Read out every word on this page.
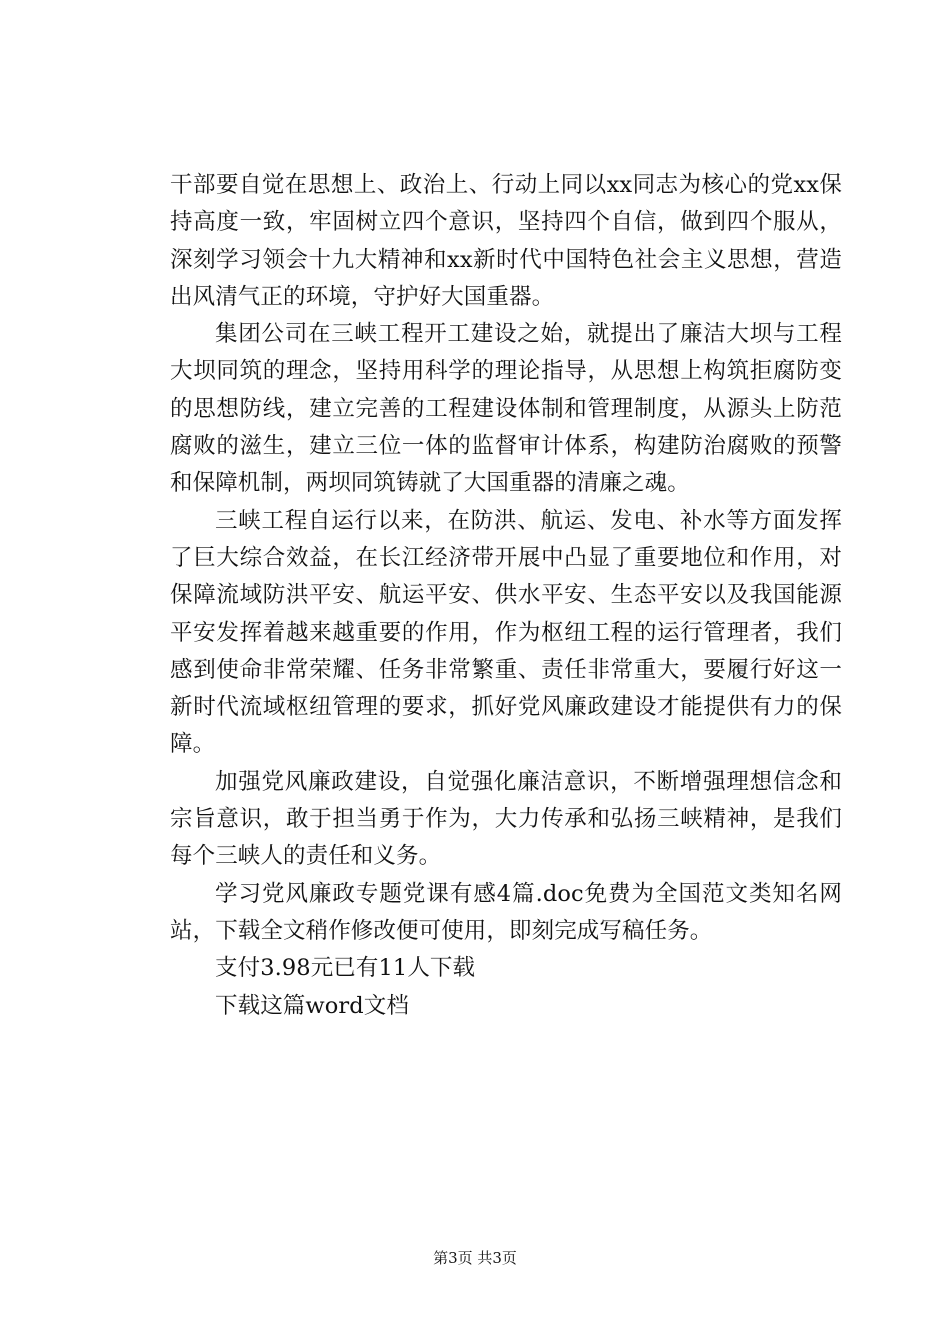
干部要自觉在思想上、政治上、行动上同以xx同志为核心的党xx保持高度一致，牢固树立四个意识，坚持四个自信，做到四个服从，深刻学习领会十九大精神和xx新时代中国特色社会主义思想，营造出风清气正的环境，守护好大国重器。

集团公司在三峡工程开工建设之始，就提出了廉洁大坝与工程大坝同筑的理念，坚持用科学的理论指导，从思想上构筑拒腐防变的思想防线，建立完善的工程建设体制和管理制度，从源头上防范腐败的滋生，建立三位一体的监督审计体系，构建防治腐败的预警和保障机制，两坝同筑铸就了大国重器的清廉之魂。

三峡工程自运行以来，在防洪、航运、发电、补水等方面发挥了巨大综合效益，在长江经济带开展中凸显了重要地位和作用，对保障流域防洪平安、航运平安、供水平安、生态平安以及我国能源平安发挥着越来越重要的作用，作为枢纽工程的运行管理者，我们感到使命非常荣耀、任务非常繁重、责任非常重大，要履行好这一新时代流域枢纽管理的要求，抓好党风廉政建设才能提供有力的保障。

加强党风廉政建设，自觉强化廉洁意识，不断增强理想信念和宗旨意识，敢于担当勇于作为，大力传承和弘扬三峡精神，是我们每个三峡人的责任和义务。

学习党风廉政专题党课有感4篇.doc免费为全国范文类知名网站，下载全文稍作修改便可使用，即刻完成写稿任务。

支付3.98元已有11人下载

下载这篇word文档

第3页 共3页
